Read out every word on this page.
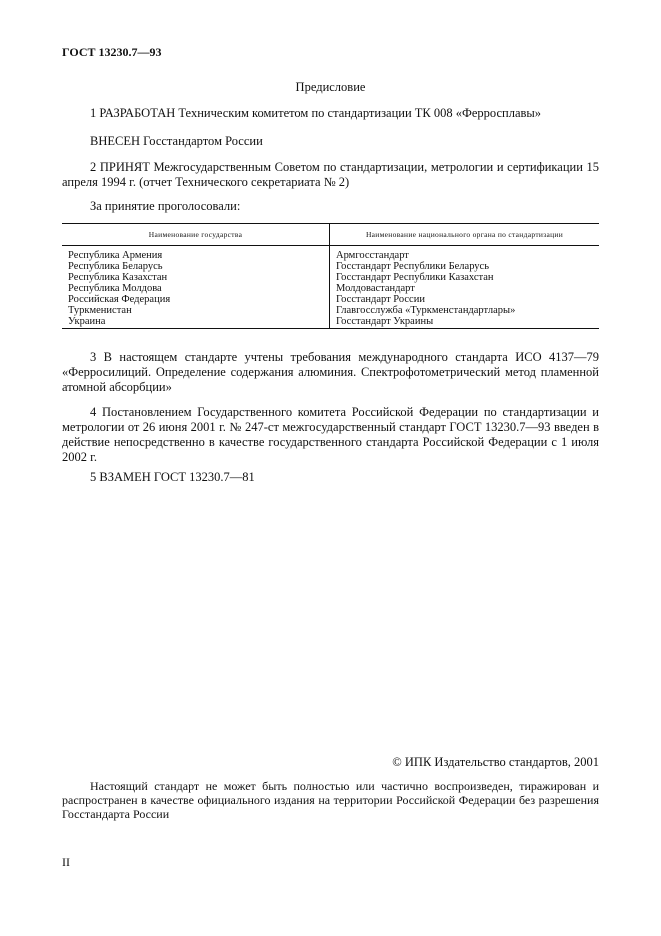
ГОСТ 13230.7—93
Предисловие
1 РАЗРАБОТАН Техническим комитетом по стандартизации ТК 008 «Ферросплавы»
ВНЕСЕН Госстандартом России
2 ПРИНЯТ Межгосударственным Советом по стандартизации, метрологии и сертификации 15 апреля 1994 г. (отчет Технического секретариата № 2)
За принятие проголосовали:
Наименование государства	Наименование национального органа по стандартизации
Республика Армения	Армгосстандарт
Республика Беларусь	Госстандарт Республики Беларусь
Республика Казахстан	Госстандарт Республики Казахстан
Республика Молдова	Молдовастандарт
Российская Федерация	Госстандарт России
Туркменистан	Главгосслужба «Туркменстандартлары»
Украина	Госстандарт Украины
3 В настоящем стандарте учтены требования международного стандарта ИСО 4137—79 «Ферросилиций. Определение содержания алюминия. Спектрофотометрический метод пламенной атомной абсорбции»
4 Постановлением Государственного комитета Российской Федерации по стандартизации и метрологии от 26 июня 2001 г. № 247-ст межгосударственный стандарт ГОСТ 13230.7—93 введен в действие непосредственно в качестве государственного стандарта Российской Федерации с 1 июля 2002 г.
5 ВЗАМЕН ГОСТ 13230.7—81
© ИПК Издательство стандартов, 2001
Настоящий стандарт не может быть полностью или частично воспроизведен, тиражирован и распространен в качестве официального издания на территории Российской Федерации без разрешения Госстандарта России
II
